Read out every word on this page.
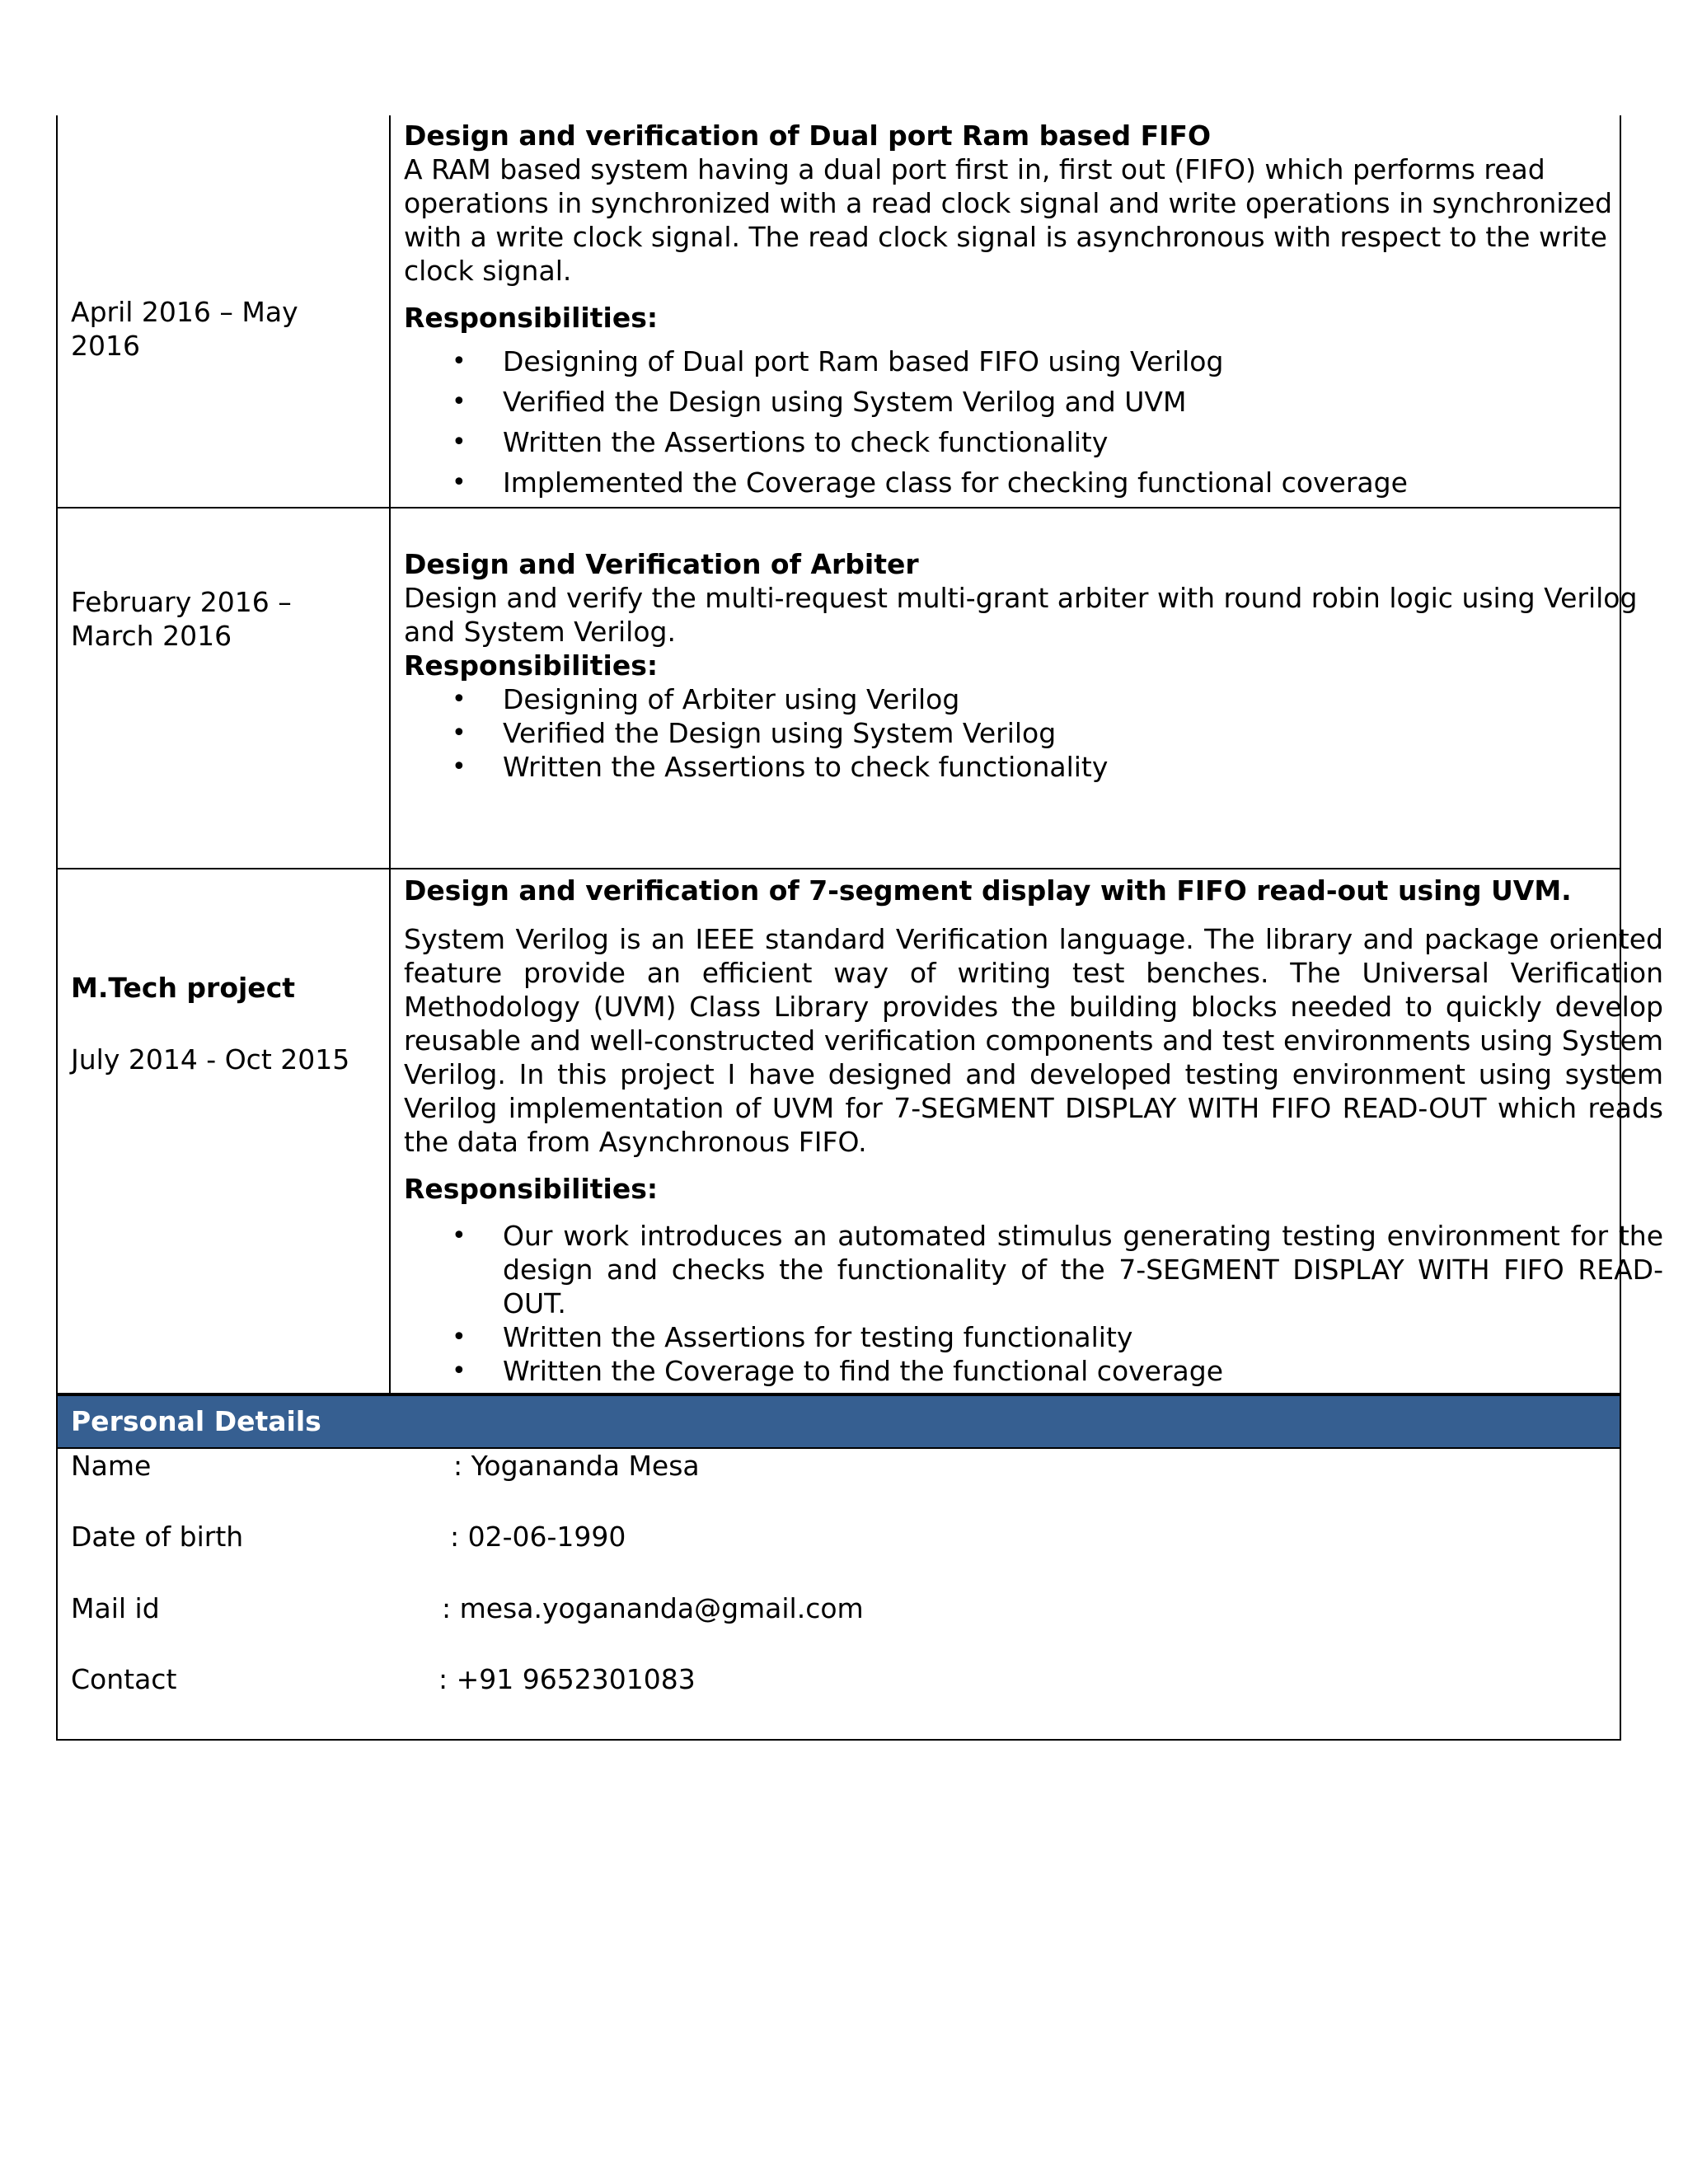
April 2016 – May 2016
Design and verification of Dual port Ram based FIFO
A RAM based system having a dual port first in, first out (FIFO) which performs read operations in synchronized with a read clock signal and write operations in synchronized with a write clock signal. The read clock signal is asynchronous with respect to the write clock signal.
Responsibilities:
• Designing of Dual port Ram based FIFO using Verilog
• Verified the Design using System Verilog and UVM
• Written the Assertions to check functionality
• Implemented the Coverage class for checking functional coverage
February 2016 – March 2016
Design and Verification of Arbiter
Design and verify the multi-request multi-grant arbiter with round robin logic using Verilog and System Verilog.
Responsibilities:
• Designing of Arbiter using Verilog
• Verified the Design using System Verilog
• Written the Assertions to check functionality
M.Tech project
July 2014 - Oct 2015
Design and verification of 7-segment display with FIFO read-out using UVM.
System Verilog is an IEEE standard Verification language. The library and package oriented feature provide an efficient way of writing test benches. The Universal Verification Methodology (UVM) Class Library provides the building blocks needed to quickly develop reusable and well-constructed verification components and test environments using System Verilog. In this project I have designed and developed testing environment using system Verilog implementation of UVM for 7-SEGMENT DISPLAY WITH FIFO READ-OUT which reads the data from Asynchronous FIFO.
Responsibilities:
• Our work introduces an automated stimulus generating testing environment for the design and checks the functionality of the 7-SEGMENT DISPLAY WITH FIFO READ-OUT.
• Written the Assertions for testing functionality
• Written the Coverage to find the functional coverage
Personal Details
Name	: Yogananda Mesa
Date of birth	: 02-06-1990
Mail id	: mesa.yogananda@gmail.com
Contact	: +91 9652301083
